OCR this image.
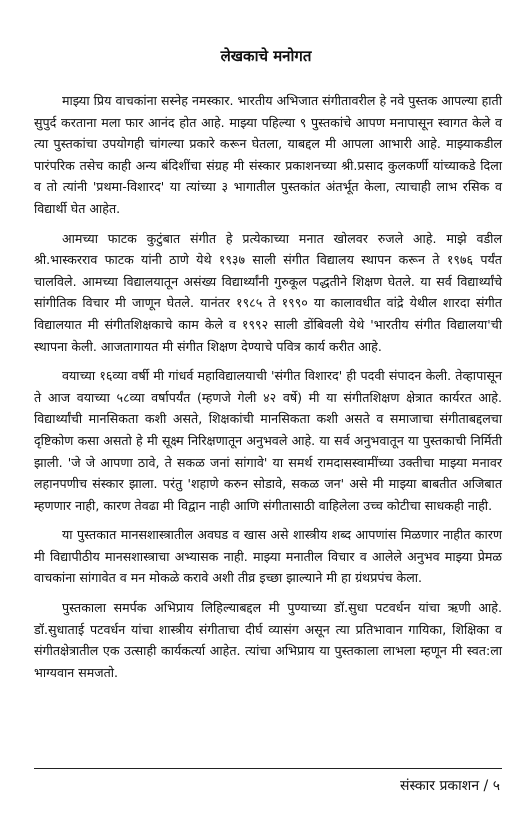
लेखकाचे मनोगत

माझ्या प्रिय वाचकांना सस्नेह नमस्कार. भारतीय अभिजात संगीतावरील हे नवे पुस्तक आपल्या हाती सुपुर्द करताना मला फार आनंद होत आहे. माझ्या पहिल्या ९ पुस्तकांचे आपण मनापासून स्वागत केले व त्या पुस्तकांचा उपयोगही चांगल्या प्रकारे करून घेतला, याबद्दल मी आपला आभारी आहे. माझ्याकडील पारंपरिक तसेच काही अन्य बंदिशींचा संग्रह मी संस्कार प्रकाशनच्या श्री.प्रसाद कुलकर्णी यांच्याकडे दिला व तो त्यांनी 'प्रथमा-विशारद' या त्यांच्या ३ भागातील पुस्तकांत अंतर्भूत केला, त्याचाही लाभ रसिक व विद्यार्थी घेत आहेत.

आमच्या फाटक कुटुंबात संगीत हे प्रत्येकाच्या मनात खोलवर रुजले आहे. माझे वडील श्री.भास्करराव फाटक यांनी ठाणे येथे १९३७ साली संगीत विद्यालय स्थापन करून ते १९७६ पर्यंत चालविले. आमच्या विद्यालयातून असंख्य विद्यार्थ्यांनी गुरुकूल पद्धतीने शिक्षण घेतले. या सर्व विद्यार्थ्यांचे सांगीतिक विचार मी जाणून घेतले. यानंतर १९८५ ते १९९० या कालावधीत वांद्रे येथील शारदा संगीत विद्यालयात मी संगीतशिक्षकाचे काम केले व १९९२ साली डोंबिवली येथे 'भारतीय संगीत विद्यालया'ची स्थापना केली. आजतागायत मी संगीत शिक्षण देण्याचे पवित्र कार्य करीत आहे.

वयाच्या १६व्या वर्षी मी गांधर्व महाविद्यालयाची 'संगीत विशारद' ही पदवी संपादन केली. तेव्हापासून ते आज वयाच्या ५८व्या वर्षापर्यंत (म्हणजे गेली ४२ वर्षे) मी या संगीतशिक्षण क्षेत्रात कार्यरत आहे. विद्यार्थ्यांची मानसिकता कशी असते, शिक्षकांची मानसिकता कशी असते व समाजाचा संगीताबद्दलचा दृष्टिकोण कसा असतो हे मी सूक्ष्म निरिक्षणातून अनुभवले आहे. या सर्व अनुभवातून या पुस्तकाची निर्मिती झाली. 'जे जे आपणा ठावे, ते सकळ जनां सांगावे' या समर्थ रामदासस्वामींच्या उक्तीचा माझ्या मनावर लहानपणीच संस्कार झाला. परंतु 'शहाणे करुन सोडावे, सकळ जन' असे मी माझ्या बाबतीत अजिबात म्हणणार नाही, कारण तेवढा मी विद्वान नाही आणि संगीतासाठी वाहिलेला उच्च कोटीचा साधकही नाही.

या पुस्तकात मानसशास्त्रातील अवघड व खास असे शास्त्रीय शब्द आपणांस मिळणार नाहीत कारण मी विद्यापीठीय मानसशास्त्राचा अभ्यासक नाही. माझ्या मनातील विचार व आलेले अनुभव माझ्या प्रेमळ वाचकांना सांगावेत व मन मोकळे करावे अशी तीव्र इच्छा झाल्याने मी हा ग्रंथप्रपंच केला.

पुस्तकाला समर्पक अभिप्राय लिहिल्याबद्दल मी पुण्याच्या डॉ.सुधा पटवर्धन यांचा ऋणी आहे. डॉ.सुधाताई पटवर्धन यांचा शास्त्रीय संगीताचा दीर्घ व्यासंग असून त्या प्रतिभावान गायिका, शिक्षिका व संगीतक्षेत्रातील एक उत्साही कार्यकर्त्या आहेत. त्यांचा अभिप्राय या पुस्तकाला लाभला म्हणून मी स्वत:ला भाग्यवान समजतो.

संस्कार प्रकाशन / ५
